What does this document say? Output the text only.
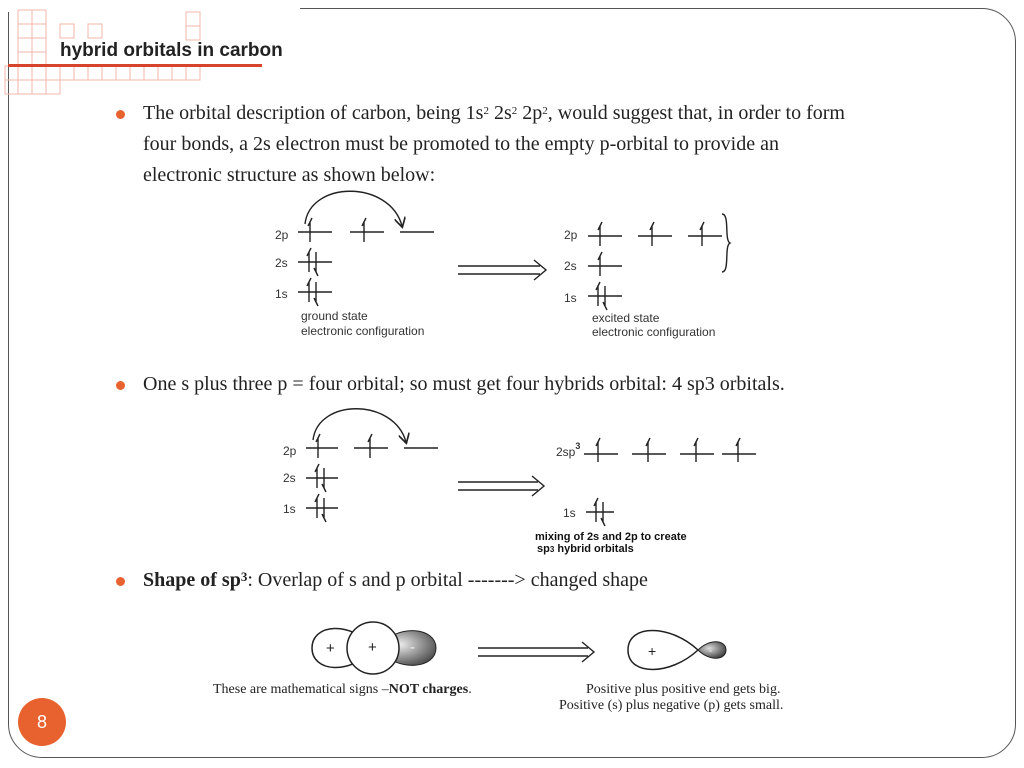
hybrid orbitals in carbon
The orbital description of carbon, being $1s^2$ $2s^2$ $2p^2$, would suggest that, in order to form
four bonds, a 2s electron must be promoted to the empty p-orbital to provide an
electronic structure as shown below:
2p
2s
1s
ground state
electronic configuration
2p
2s
1s
excited state
electronic configuration
One s plus three p = four orbital; so must get four hybrids orbital: 4 sp3 orbitals.
2p
2s
1s
$2sp^3$
1s
mixing of 2s and 2p to create
sp3 hybrid orbitals
Shape of $sp^3$: Overlap of s and p orbital -------> changed shape
+ + -	+	-
These are mathematical signs –NOT charges.	Positive plus positive end gets big.
Positive (s) plus negative (p) gets small.
8
